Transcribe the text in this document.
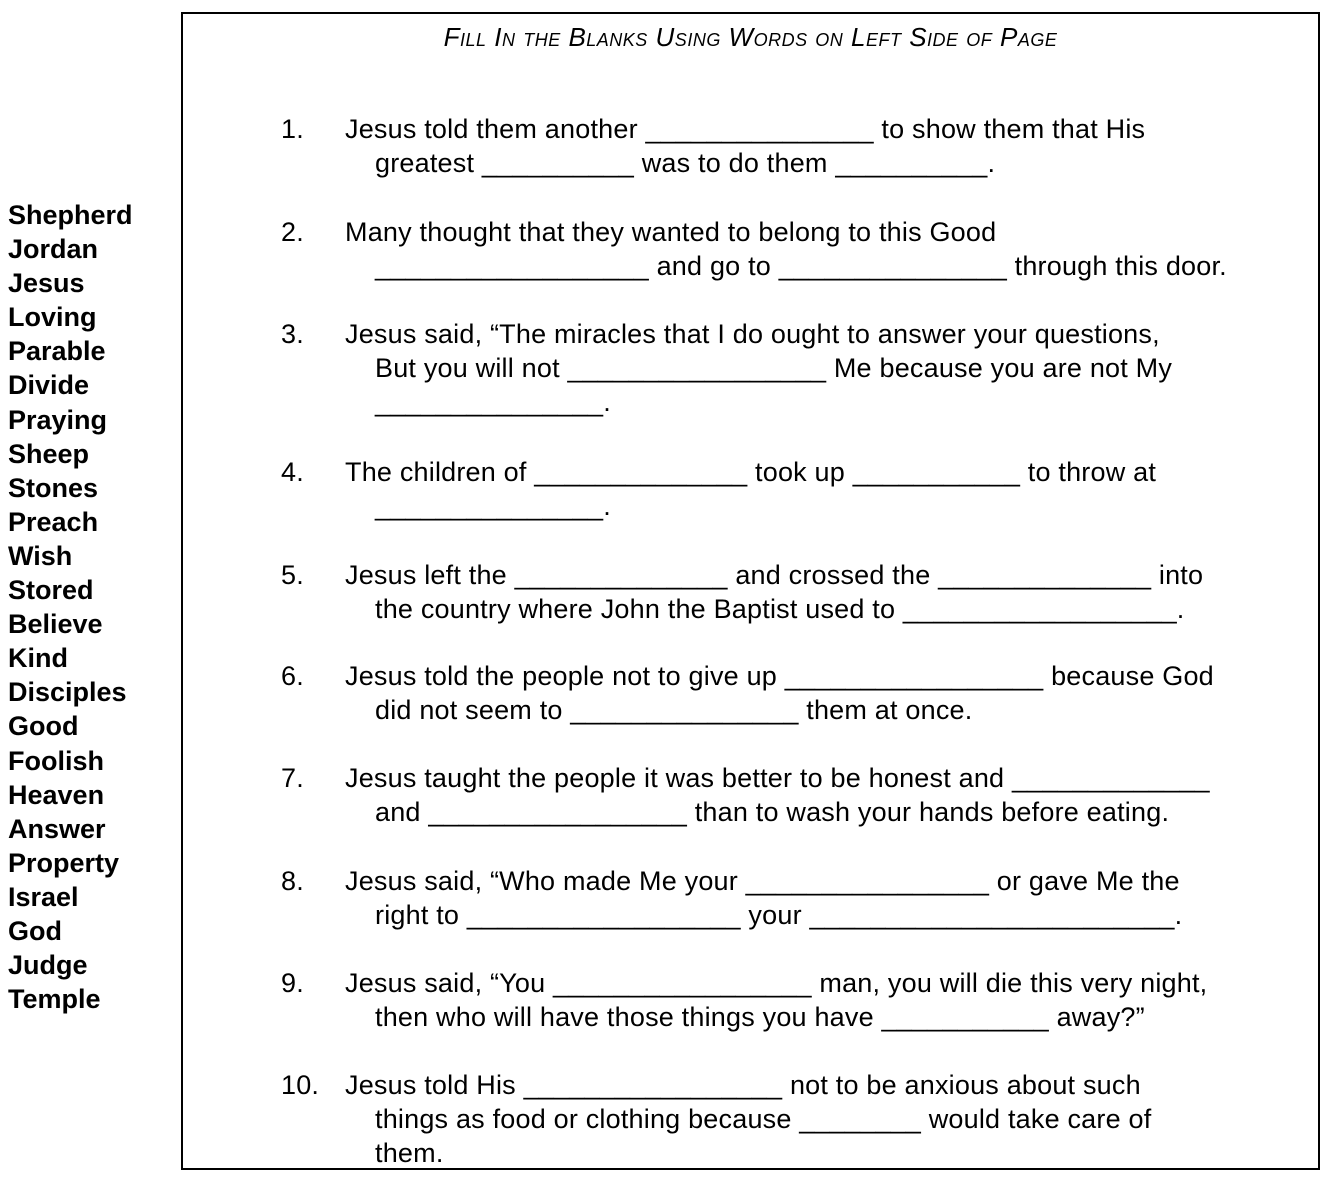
Shepherd
Jordan
Jesus
Loving
Parable
Divide
Praying
Sheep
Stones
Preach
Wish
Stored
Believe
Kind
Disciples
Good
Foolish
Heaven
Answer
Property
Israel
God
Judge
Temple
Fill In the Blanks Using Words on Left Side of Page
1. Jesus told them another _______________ to show them that His
greatest __________ was to do them __________.
2. Many thought that they wanted to belong to this Good
__________________ and go to _______________ through this door.
3. Jesus said, “The miracles that I do ought to answer your questions,
But you will not _________________ Me because you are not My
_______________.
4. The children of ______________ took up ___________ to throw at
_______________.
5. Jesus left the ______________ and crossed the ______________ into
the country where John the Baptist used to __________________.
6. Jesus told the people not to give up _________________ because God
did not seem to _______________ them at once.
7. Jesus taught the people it was better to be honest and _____________
and _________________ than to wash your hands before eating.
8. Jesus said, “Who made Me your ________________ or gave Me the
right to __________________ your ________________________.
9. Jesus said, “You _________________ man, you will die this very night,
then who will have those things you have ___________ away?”
10. Jesus told His _________________ not to be anxious about such
things as food or clothing because ________ would take care of
them.
